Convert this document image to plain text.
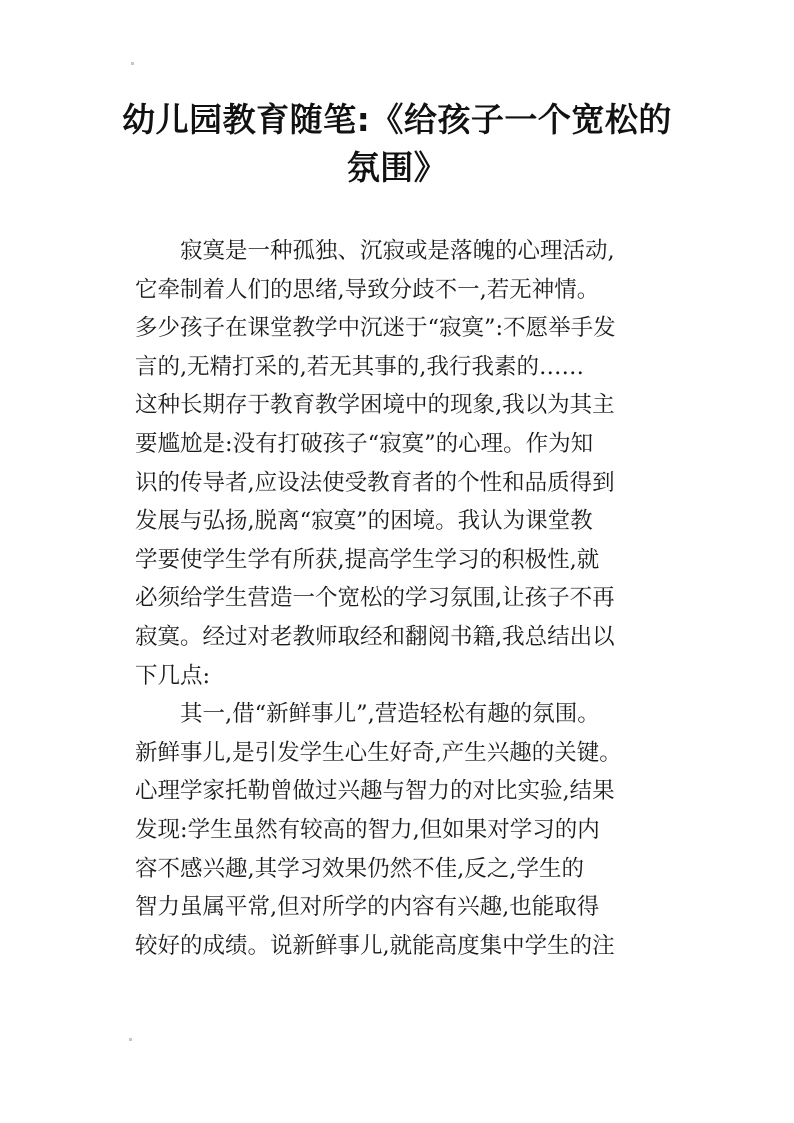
幼儿园教育随笔:《给孩子一个宽松的
氛围》
寂寞是一种孤独、沉寂或是落魄的心理活动,
它牵制着人们的思绪,导致分歧不一,若无神情。
多少孩子在课堂教学中沉迷于“寂寞”:不愿举手发
言的,无精打采的,若无其事的,我行我素的……
这种长期存于教育教学困境中的现象,我以为其主
要尴尬是:没有打破孩子“寂寞”的心理。作为知
识的传导者,应设法使受教育者的个性和品质得到
发展与弘扬,脱离“寂寞”的困境。我认为课堂教
学要使学生学有所获,提高学生学习的积极性,就
必须给学生营造一个宽松的学习氛围,让孩子不再
寂寞。经过对老教师取经和翻阅书籍,我总结出以
下几点:
其一,借“新鲜事儿”,营造轻松有趣的氛围。
新鲜事儿,是引发学生心生好奇,产生兴趣的关键。
心理学家托勒曾做过兴趣与智力的对比实验,结果
发现:学生虽然有较高的智力,但如果对学习的内
容不感兴趣,其学习效果仍然不佳,反之,学生的
智力虽属平常,但对所学的内容有兴趣,也能取得
较好的成绩。说新鲜事儿,就能高度集中学生的注
